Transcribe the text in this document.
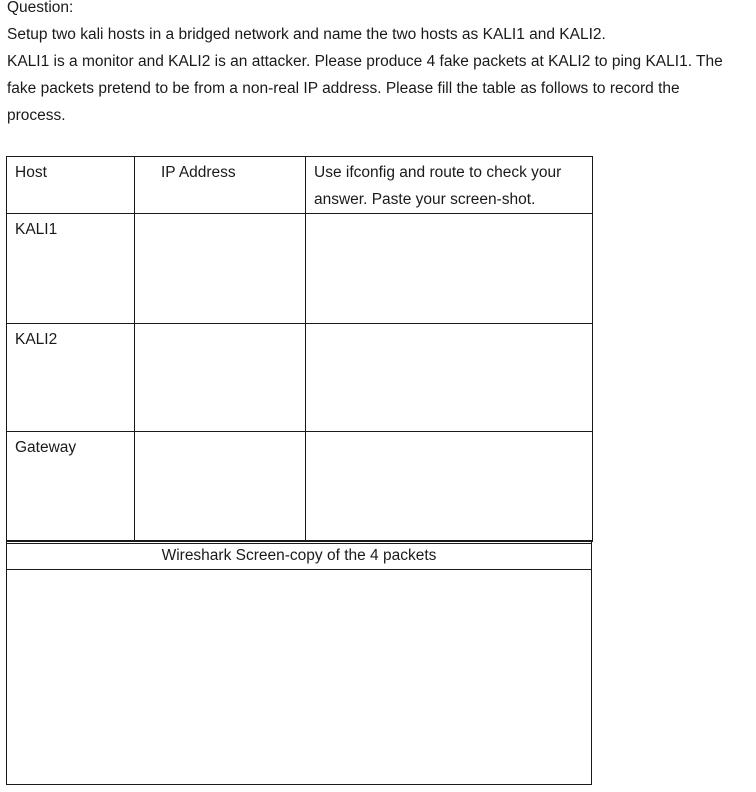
Question:

Setup two kali hosts in a bridged network and name the two hosts as KALI1 and KALI2.

KALI1 is a monitor and KALI2 is an attacker. Please produce 4 fake packets at KALI2 to ping KALI1. The

fake packets pretend to be from a non-real IP address. Please fill the table as follows to record the

process.

Host	IP Address	Use ifconfig and route to check your answer. Paste your screen-shot.
KALI1		
KALI2		
Gateway		
Wireshark Screen-copy of the 4 packets
